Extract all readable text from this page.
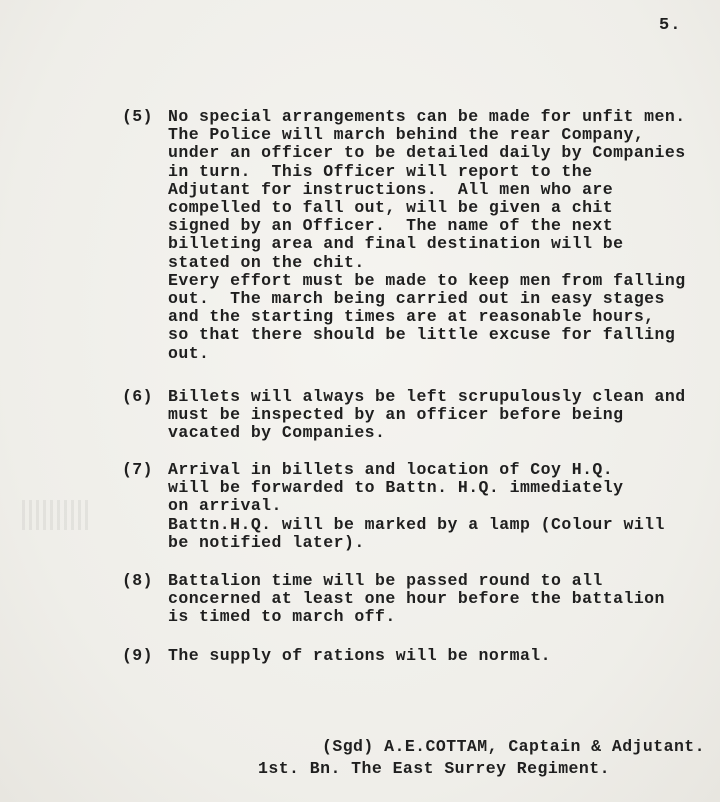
5.
(5) No special arrangements can be made for unfit men.
The Police will march behind the rear Company,
under an officer to be detailed daily by Companies
in turn.  This Officer will report to the
Adjutant for instructions.  All men who are
compelled to fall out, will be given a chit
signed by an Officer.  The name of the next
billeting area and final destination will be
stated on the chit.
Every effort must be made to keep men from falling
out.  The march being carried out in easy stages
and the starting times are at reasonable hours,
so that there should be little excuse for falling
out.
(6) Billets will always be left scrupulously clean and
must be inspected by an officer before being
vacated by Companies.
(7) Arrival in billets and location of Coy H.Q.
will be forwarded to Battn. H.Q. immediately
on arrival.
Battn.H.Q. will be marked by a lamp (Colour will
be notified later).
(8) Battalion time will be passed round to all
concerned at least one hour before the battalion
is timed to march off.
(9) The supply of rations will be normal.
(Sgd) A.E.COTTAM, Captain & Adjutant.
1st. Bn. The East Surrey Regiment.
